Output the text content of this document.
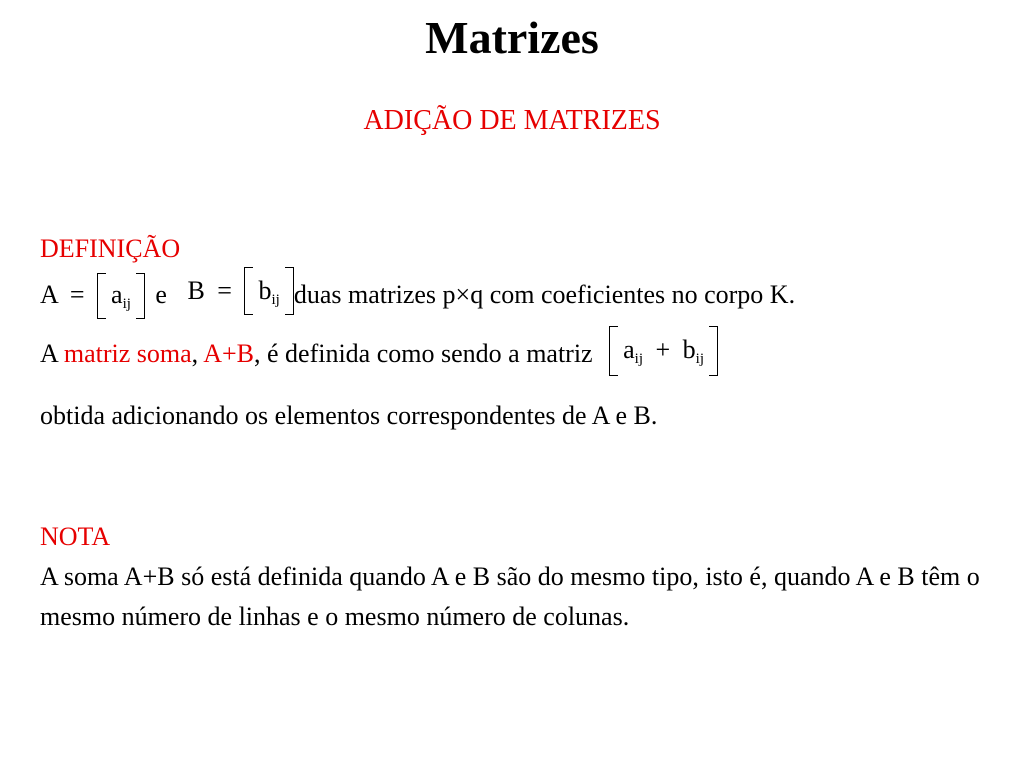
Matrizes
ADIÇÃO DE MATRIZES
DEFINIÇÃO
A = aij e B = bij duas matrizes p×q com coeficientes no corpo K.
A matriz soma, A+B, é definida como sendo a matriz aij + bij
obtida adicionando os elementos correspondentes de A e B.
NOTA
A soma A+B só está definida quando A e B são do mesmo tipo, isto é, quando A e B têm o mesmo número de linhas e o mesmo número de colunas.
